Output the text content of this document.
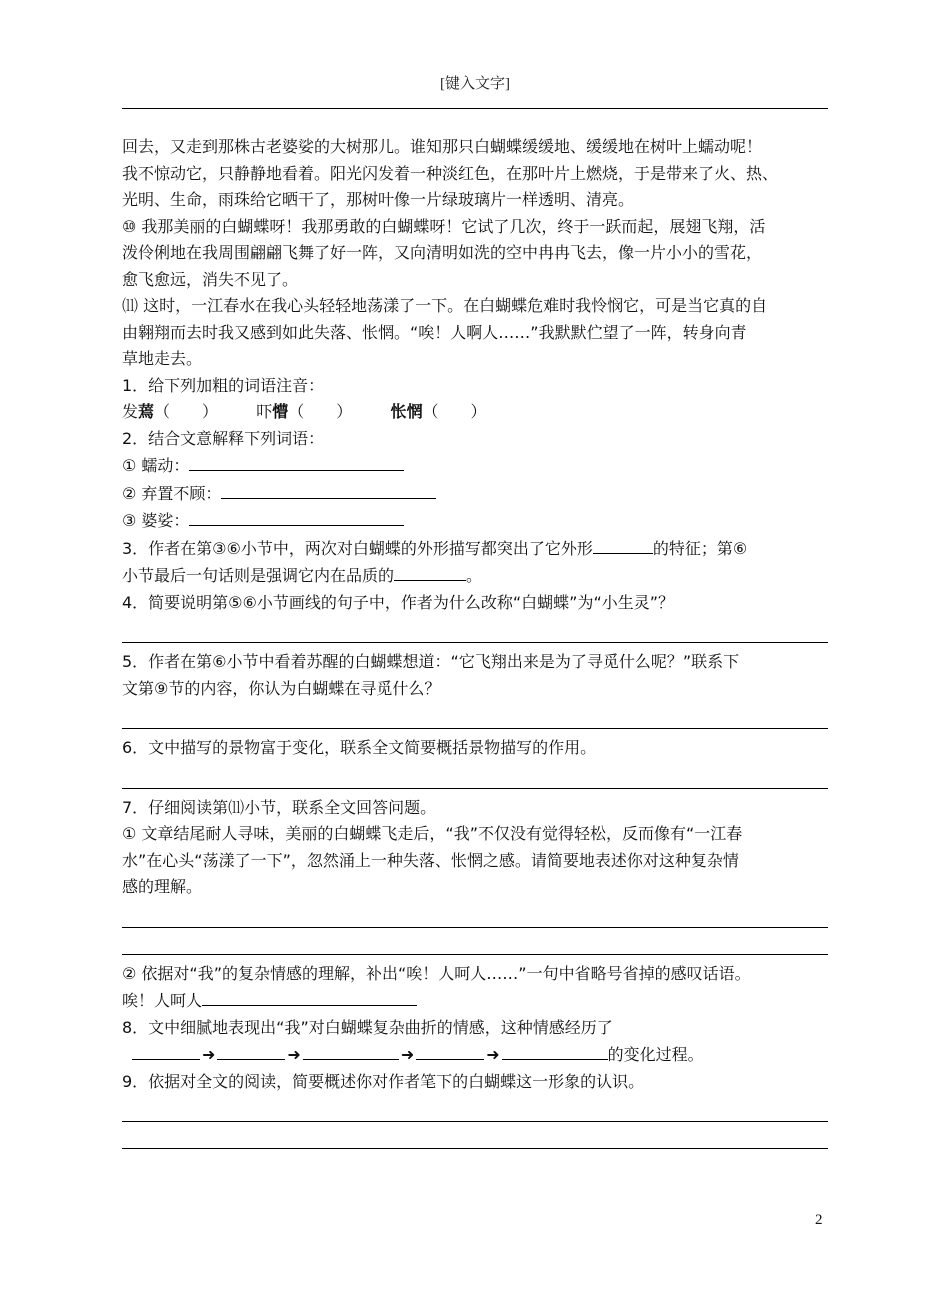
[键入文字]

回去，又走到那株古老婆娑的大树那儿。谁知那只白蝴蝶缓缓地、缓缓地在树叶上蠕动呢！

我不惊动它，只静静地看着。阳光闪发着一种淡红色，在那叶片上燃烧，于是带来了火、热、

光明、生命，雨珠给它晒干了，那树叶像一片绿玻璃片一样透明、清亮。

⑩ 我那美丽的白蝴蝶呀！我那勇敢的白蝴蝶呀！它试了几次，终于一跃而起，展翅飞翔，活

泼伶俐地在我周围翩翩飞舞了好一阵，又向清明如洗的空中冉冉飞去，像一片小小的雪花，

愈飞愈远，消失不见了。

⑾ 这时，一江春水在我心头轻轻地荡漾了一下。在白蝴蝶危难时我怜悯它，可是当它真的自

由翱翔而去时我又感到如此失落、怅惘。“唉！人啊人……”我默默伫望了一阵，转身向青

草地走去。

1．给下列加粗的词语注音：

发蔫（　　） 吓懵（　　） 怅惘（　　）

2．结合文意解释下列词语：

① 蠕动：

② 弃置不顾：

③ 婆娑：

3．作者在第③⑥小节中，两次对白蝴蝶的外形描写都突出了它外形	的特征；第⑥

小节最后一句话则是强调它内在品质的	。

4．简要说明第⑤⑥小节画线的句子中，作者为什么改称“白蝴蝶”为“小生灵”？

5．作者在第⑥小节中看着苏醒的白蝴蝶想道：“它飞翔出来是为了寻觅什么呢？”联系下

文第⑨节的内容，你认为白蝴蝶在寻觅什么？

6．文中描写的景物富于变化，联系全文简要概括景物描写的作用。

7．仔细阅读第⑾小节，联系全文回答问题。

① 文章结尾耐人寻味，美丽的白蝴蝶飞走后，“我”不仅没有觉得轻松，反而像有“一江春

水”在心头“荡漾了一下”，忽然涌上一种失落、怅惘之感。请简要地表述你对这种复杂情

感的理解。

② 依据对“我”的复杂情感的理解，补出“唉！人呵人……”一句中省略号省掉的感叹话语。

唉！人呵人

8．文中细腻地表现出“我”对白蝴蝶复杂曲折的情感，这种情感经历了

➜	➜	➜	➜	的变化过程。

9．依据对全文的阅读，简要概述你对作者笔下的白蝴蝶这一形象的认识。

2
